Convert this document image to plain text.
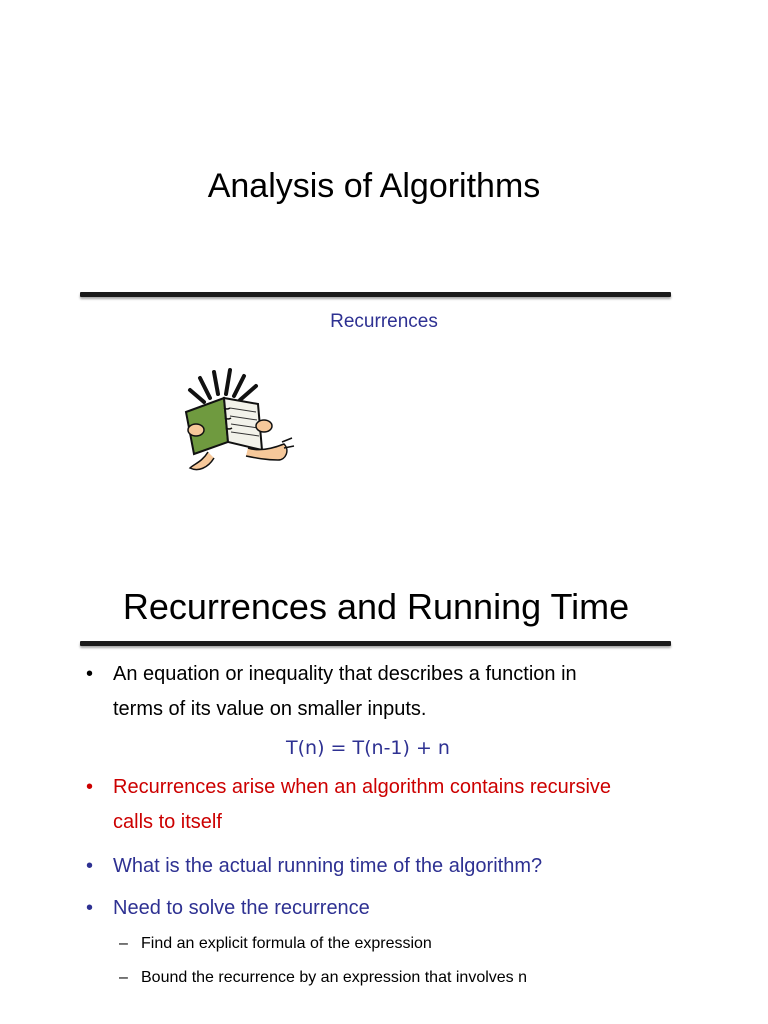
Analysis of Algorithms
Recurrences
Recurrences and Running Time
• An equation or inequality that describes a function in
terms of its value on smaller inputs.
T(n) = T(n-1) + n
• Recurrences arise when an algorithm contains recursive
calls to itself
• What is the actual running time of the algorithm?
• Need to solve the recurrence
– Find an explicit formula of the expression
– Bound the recurrence by an expression that involves n
